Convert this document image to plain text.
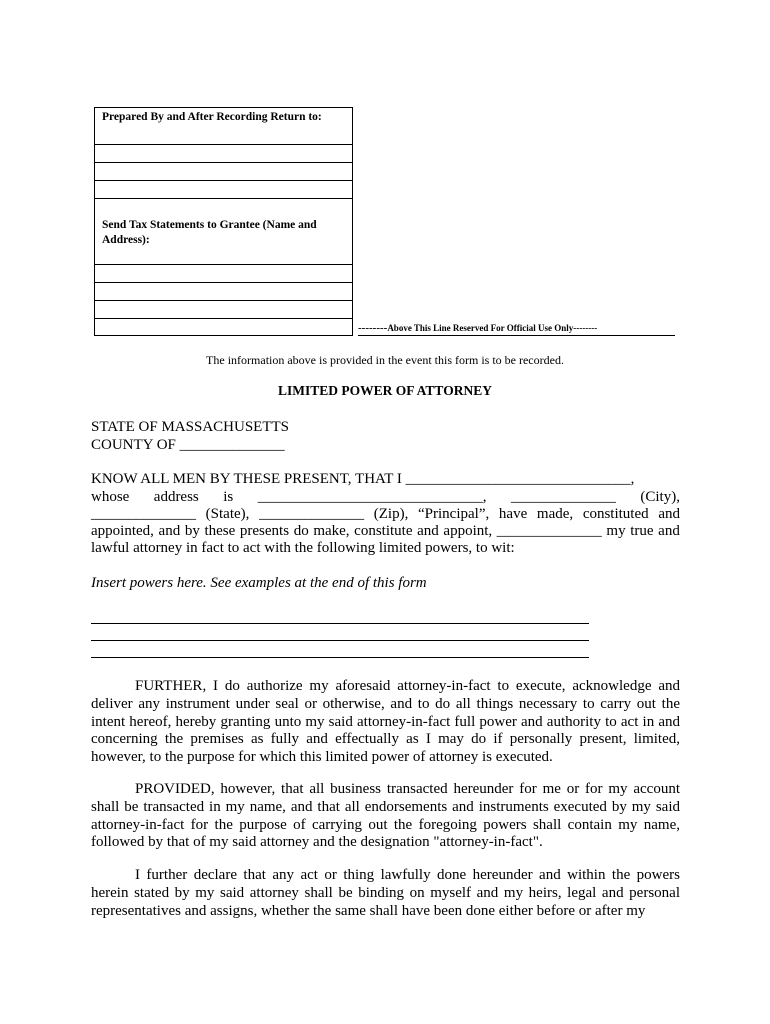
Prepared By and After Recording Return to:
Send Tax Statements to Grantee (Name and Address):
--------Above This Line Reserved For Official Use Only--------
The information above is provided in the event this form is to be recorded.
LIMITED POWER OF ATTORNEY
STATE OF MASSACHUSETTS
COUNTY OF ______________
KNOW ALL MEN BY THESE PRESENT, THAT I ______________________________,
whose address is ______________________________, ______________ (City),
______________ (State), ______________ (Zip), “Principal”, have made, constituted and
appointed, and by these presents do make, constitute and appoint, ______________ my true and
lawful attorney in fact to act with the following limited powers, to wit:
Insert powers here. See examples at the end of this form
FURTHER, I do authorize my aforesaid attorney-in-fact to execute, acknowledge and deliver any instrument under seal or otherwise, and to do all things necessary to carry out the intent hereof, hereby granting unto my said attorney-in-fact full power and authority to act in and concerning the premises as fully and effectually as I may do if personally present, limited, however, to the purpose for which this limited power of attorney is executed.
PROVIDED, however, that all business transacted hereunder for me or for my account shall be transacted in my name, and that all endorsements and instruments executed by my said attorney-in-fact for the purpose of carrying out the foregoing powers shall contain my name, followed by that of my said attorney and the designation "attorney-in-fact".
I further declare that any act or thing lawfully done hereunder and within the powers herein stated by my said attorney shall be binding on myself and my heirs, legal and personal representatives and assigns, whether the same shall have been done either before or after my
